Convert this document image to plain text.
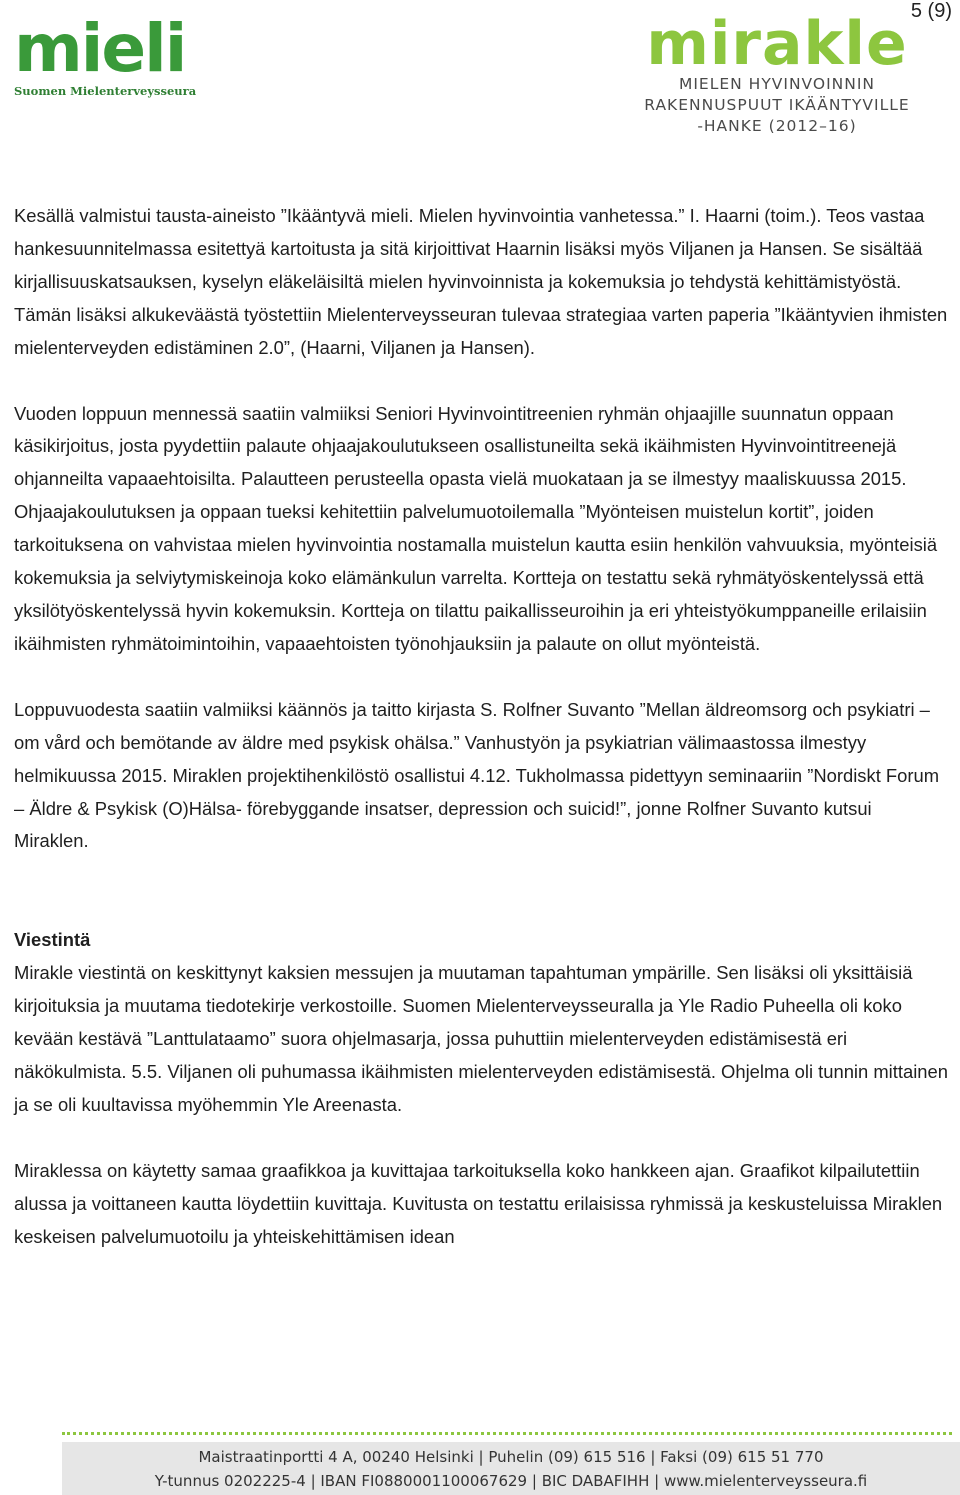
5 (9)
mieli
Suomen Mielenterveysseura
mirakle
MIELEN HYVINVOINNIN
RAKENNUSPUUT IKÄÄNTYVILLE
-HANKE (2012–16)

Kesällä valmistui tausta-aineisto ”Ikääntyvä mieli. Mielen hyvinvointia vanhetessa.” I. Haarni (toim.). Teos vastaa hankesuunnitelmassa esitettyä kartoitusta ja sitä kirjoittivat Haarnin lisäksi myös Viljanen ja Hansen. Se sisältää kirjallisuuskatsauksen, kyselyn eläkeläisiltä mielen hyvinvoinnista ja kokemuksia jo tehdystä kehittämistyöstä. Tämän lisäksi alkukeväästä työstettiin Mielenterveysseuran tulevaa strategiaa varten paperia ”Ikääntyvien ihmisten mielenterveyden edistäminen 2.0”, (Haarni, Viljanen ja Hansen).

Vuoden loppuun mennessä saatiin valmiiksi Seniori Hyvinvointitreenien ryhmän ohjaajille suunnatun oppaan käsikirjoitus, josta pyydettiin palaute ohjaajakoulutukseen osallistuneilta sekä ikäihmisten Hyvinvointitreenejä ohjanneilta vapaaehtoisilta. Palautteen perusteella opasta vielä muokataan ja se ilmestyy maaliskuussa 2015. Ohjaajakoulutuksen ja oppaan tueksi kehitettiin palvelumuotoilemalla ”Myönteisen muistelun kortit”, joiden tarkoituksena on vahvistaa mielen hyvinvointia nostamalla muistelun kautta esiin henkilön vahvuuksia, myönteisiä kokemuksia ja selviytymiskeinoja koko elämänkulun varrelta. Kortteja on testattu sekä ryhmätyöskentelyssä että yksilötyöskentelyssä hyvin kokemuksin. Kortteja on tilattu paikallisseuroihin ja eri yhteistyökumppaneille erilaisiin ikäihmisten ryhmätoimintoihin, vapaaehtoisten työnohjauksiin ja palaute on ollut myönteistä.

Loppuvuodesta saatiin valmiiksi käännös ja taitto kirjasta S. Rolfner Suvanto ”Mellan äldreomsorg och psykiatri – om vård och bemötande av äldre med psykisk ohälsa.” Vanhustyön ja psykiatrian välimaastossa ilmestyy helmikuussa 2015. Miraklen projektihenkilöstö osallistui 4.12. Tukholmassa pidettyyn seminaariin ”Nordiskt Forum – Äldre & Psykisk (O)Hälsa- förebyggande insatser, depression och suicid!”, jonne Rolfner Suvanto kutsui Miraklen.

Viestintä

Mirakle viestintä on keskittynyt kaksien messujen ja muutaman tapahtuman ympärille. Sen lisäksi oli yksittäisiä kirjoituksia ja muutama tiedotekirje verkostoille. Suomen Mielenterveysseuralla ja Yle Radio Puheella oli koko kevään kestävä ”Lanttulataamo” suora ohjelmasarja, jossa puhuttiin mielenterveyden edistämisestä eri näkökulmista. 5.5. Viljanen oli puhumassa ikäihmisten mielenterveyden edistämisestä. Ohjelma oli tunnin mittainen ja se oli kuultavissa myöhemmin Yle Areenasta.

Miraklessa on käytetty samaa graafikkoa ja kuvittajaa tarkoituksella koko hankkeen ajan. Graafikot kilpailutettiin alussa ja voittaneen kautta löydettiin kuvittaja. Kuvitusta on testattu erilaisissa ryhmissä ja keskusteluissa Miraklen keskeisen palvelumuotoilu ja yhteiskehittämisen idean

Maistraatinportti 4 A, 00240 Helsinki | Puhelin (09) 615 516 | Faksi (09) 615 51 770
Y-tunnus 0202225-4 | IBAN FI0880001100067629 | BIC DABAFIHH | www.mielenterveysseura.fi
